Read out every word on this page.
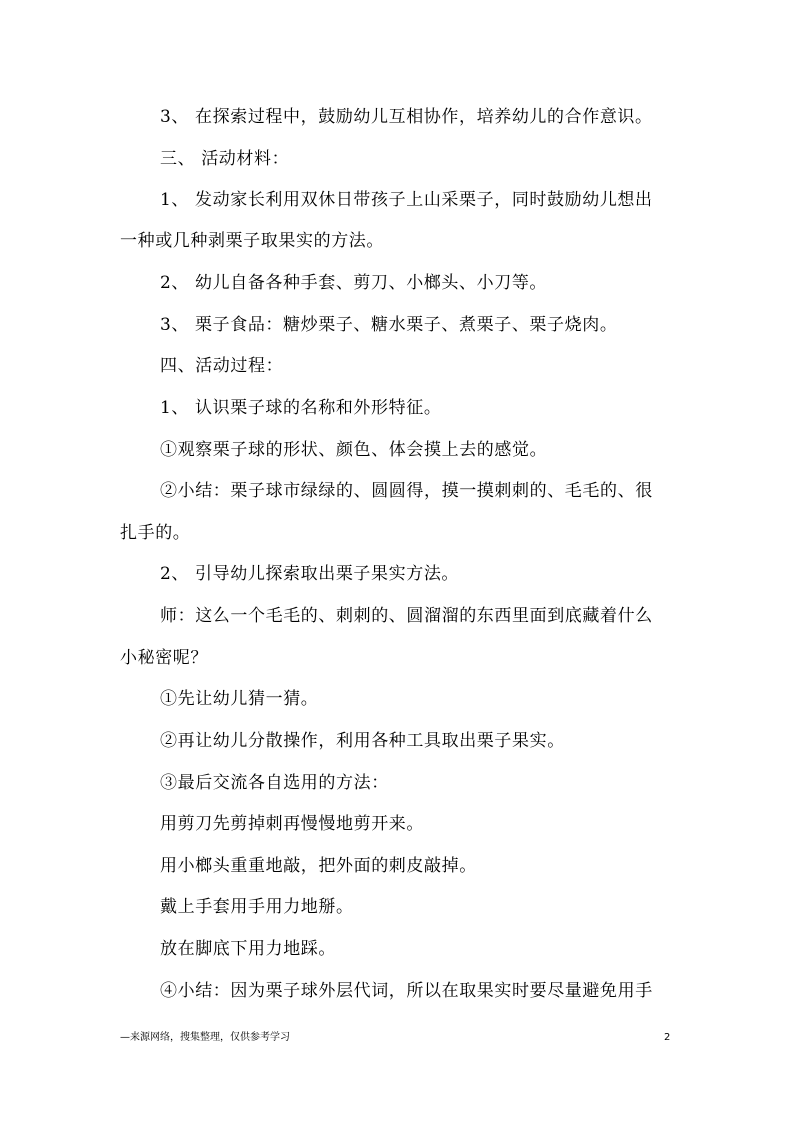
3、 在探索过程中，鼓励幼儿互相协作，培养幼儿的合作意识。
三、 活动材料：
1、 发动家长利用双休日带孩子上山采栗子，同时鼓励幼儿想出
一种或几种剥栗子取果实的方法。
2、 幼儿自备各种手套、剪刀、小榔头、小刀等。
3、 栗子食品：糖炒栗子、糖水栗子、煮栗子、栗子烧肉。
四、活动过程：
1、 认识栗子球的名称和外形特征。
①观察栗子球的形状、颜色、体会摸上去的感觉。
②小结：栗子球市绿绿的、圆圆得，摸一摸刺刺的、毛毛的、很
扎手的。
2、 引导幼儿探索取出栗子果实方法。
师：这么一个毛毛的、刺刺的、圆溜溜的东西里面到底藏着什么
小秘密呢？
①先让幼儿猜一猜。
②再让幼儿分散操作，利用各种工具取出栗子果实。
③最后交流各自选用的方法：
用剪刀先剪掉刺再慢慢地剪开来。
用小榔头重重地敲，把外面的刺皮敲掉。
戴上手套用手用力地掰。
放在脚底下用力地踩。
④小结：因为栗子球外层代词，所以在取果实时要尽量避免用手
—来源网络，搜集整理，仅供参考学习	2
